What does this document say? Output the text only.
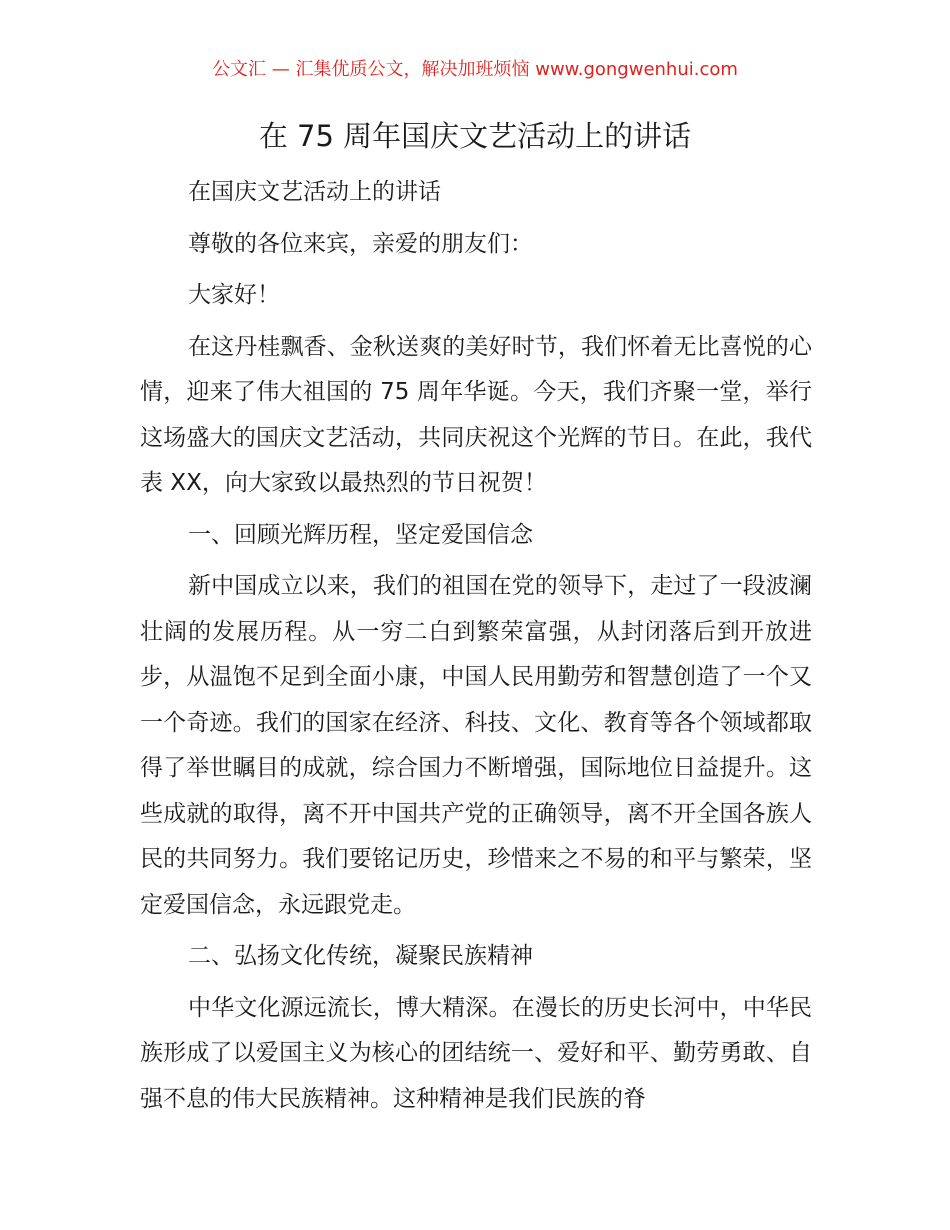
公文汇 — 汇集优质公文，解决加班烦恼 www.gongwenhui.com
在 75 周年国庆文艺活动上的讲话

在国庆文艺活动上的讲话

尊敬的各位来宾，亲爱的朋友们：

大家好！

在这丹桂飘香、金秋送爽的美好时节，我们怀着无比喜悦的心情，迎来了伟大祖国的 75 周年华诞。今天，我们齐聚一堂，举行这场盛大的国庆文艺活动，共同庆祝这个光辉的节日。在此，我代表 XX，向大家致以最热烈的节日祝贺！

一、回顾光辉历程，坚定爱国信念

新中国成立以来，我们的祖国在党的领导下，走过了一段波澜壮阔的发展历程。从一穷二白到繁荣富强，从封闭落后到开放进步，从温饱不足到全面小康，中国人民用勤劳和智慧创造了一个又一个奇迹。我们的国家在经济、科技、文化、教育等各个领域都取得了举世瞩目的成就，综合国力不断增强，国际地位日益提升。这些成就的取得，离不开中国共产党的正确领导，离不开全国各族人民的共同努力。我们要铭记历史，珍惜来之不易的和平与繁荣，坚定爱国信念，永远跟党走。

二、弘扬文化传统，凝聚民族精神

中华文化源远流长，博大精深。在漫长的历史长河中，中华民族形成了以爱国主义为核心的团结统一、爱好和平、勤劳勇敢、自强不息的伟大民族精神。这种精神是我们民族的脊
